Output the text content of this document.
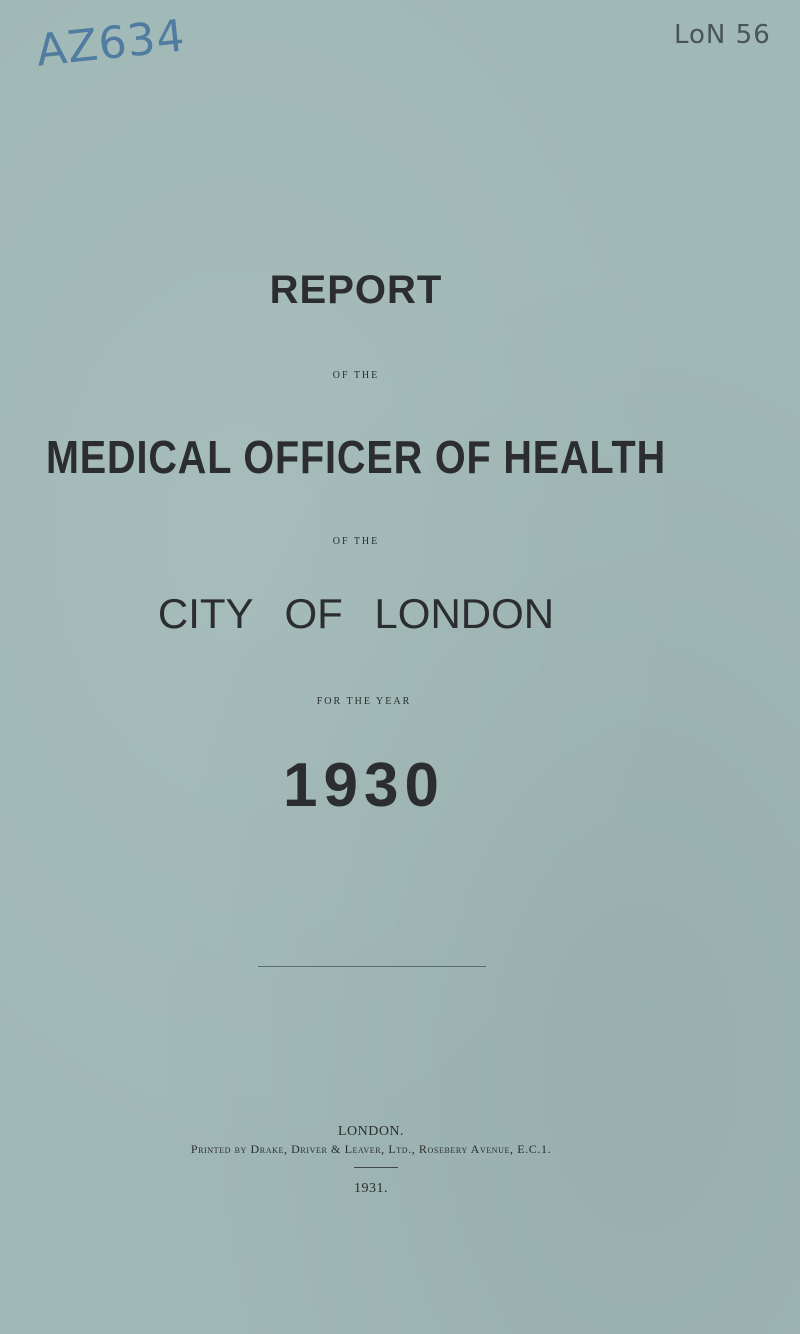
AZ634	LoN 56
REPORT
OF THE
MEDICAL OFFICER OF HEALTH
OF THE
CITY OF LONDON
FOR THE YEAR
1930
LONDON.
Printed by Drake, Driver & Leaver, Ltd., Rosebery Avenue, E.C.1.
1931.
